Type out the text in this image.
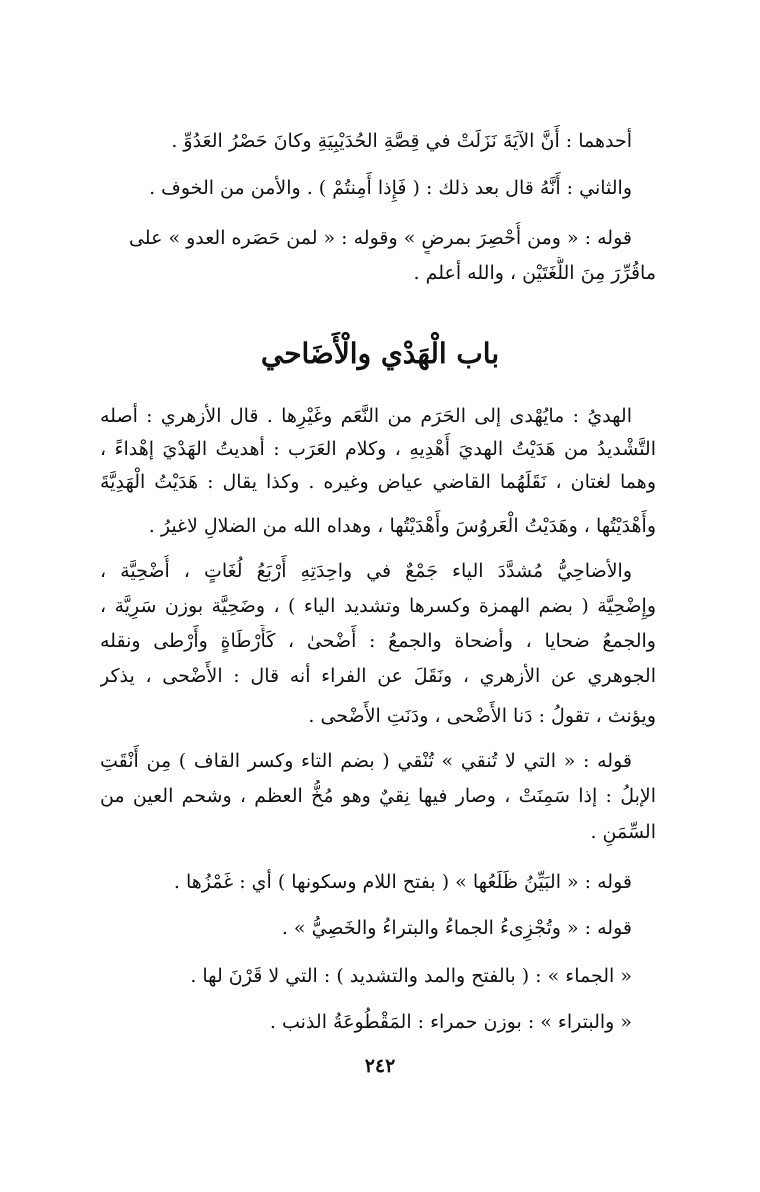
أحدهما : أَنَّ الآيَةَ نَزَلَتْ في قِصَّةِ الحُدَيْبِيَةِ وكانَ حَصْرُ العَدُوِّ .
والثاني : أَنَّهُ قال بعد ذلك : ( فَإِذا أَمِنتُمْ ) . والأمن من الخوف .
قوله : « ومن أُحْصِرَ بمرضٍ » وقوله : « لمن حَصَره العدو » على
ماقُرِّرَ مِنَ اللُّغَتَيْن ، والله أعلم .
باب الْهَدْي والْأَضَاحي
الهديُ : مايُهْدى إلى الحَرَم من النَّعَم وغَيْرِها . قال الأزهري : أصله
التَّشْديدُ من هَدَيْتُ الهديَ أَهْدِيهِ ، وكلام العَرَب : أهديتُ الهَدْيَ إهْداءً ،
وهما لغتان ، نَقَلَهُما القاضي عياض وغيره . وكذا يقال : هَدَيْتُ الْهَدِيَّةَ
وأَهْدَيْتُها ، وهَدَيْتُ الْعَروُسَ وأَهْدَيْتُها ، وهداه الله من الضلالِ لاغيرُ .
والأضاحِيُّ مُشدَّدَ الياء جَمْعٌ في واحِدَتِهِ أَرْبَعُ لُغَاتٍ ، أُضْحِيَّة ،
وإِضْحِيَّة ( بضم الهمزة وكسرها وتشديد الياء ) ، وضَحِيَّة بوزن سَرِيَّة ،
والجمعُ ضحايا ، وأضحاة والجمعُ : أَضْحىٰ ، كَأَرْطَاةٍ وأَرْطى ونقله
الجوهري عن الأزهري ، ونَقَلَ عن الفراء أنه قال : الأَضْحى ، يذكر
ويؤنث ، تقولُ : دَنا الأَضْحى ، ودَنَتِ الأَضْحى .
قوله : « التي لا تُنقي » تُنْقي ( بضم التاء وكسر القاف ) مِن أَنْقَتِ
الإبلُ : إذا سَمِنَتْ ، وصار فيها نِقيٌ وهو مُخُّ العظم ، وشحم العين من
السِّمَنِ .
قوله : « البَيِّنُ ظَلَعُها » ( بفتح اللام وسكونها ) أي : غَمْزُها .
قوله : « وتُجْزِىءُ الجماءُ والبتراءُ والخَصِيُّ » .
« الجماء » : ( بالفتح والمد والتشديد ) : التي لا قَرْنَ لها .
« والبتراء » : بوزن حمراء : المَقْطُوعَةُ الذنب .
٢٤٢
